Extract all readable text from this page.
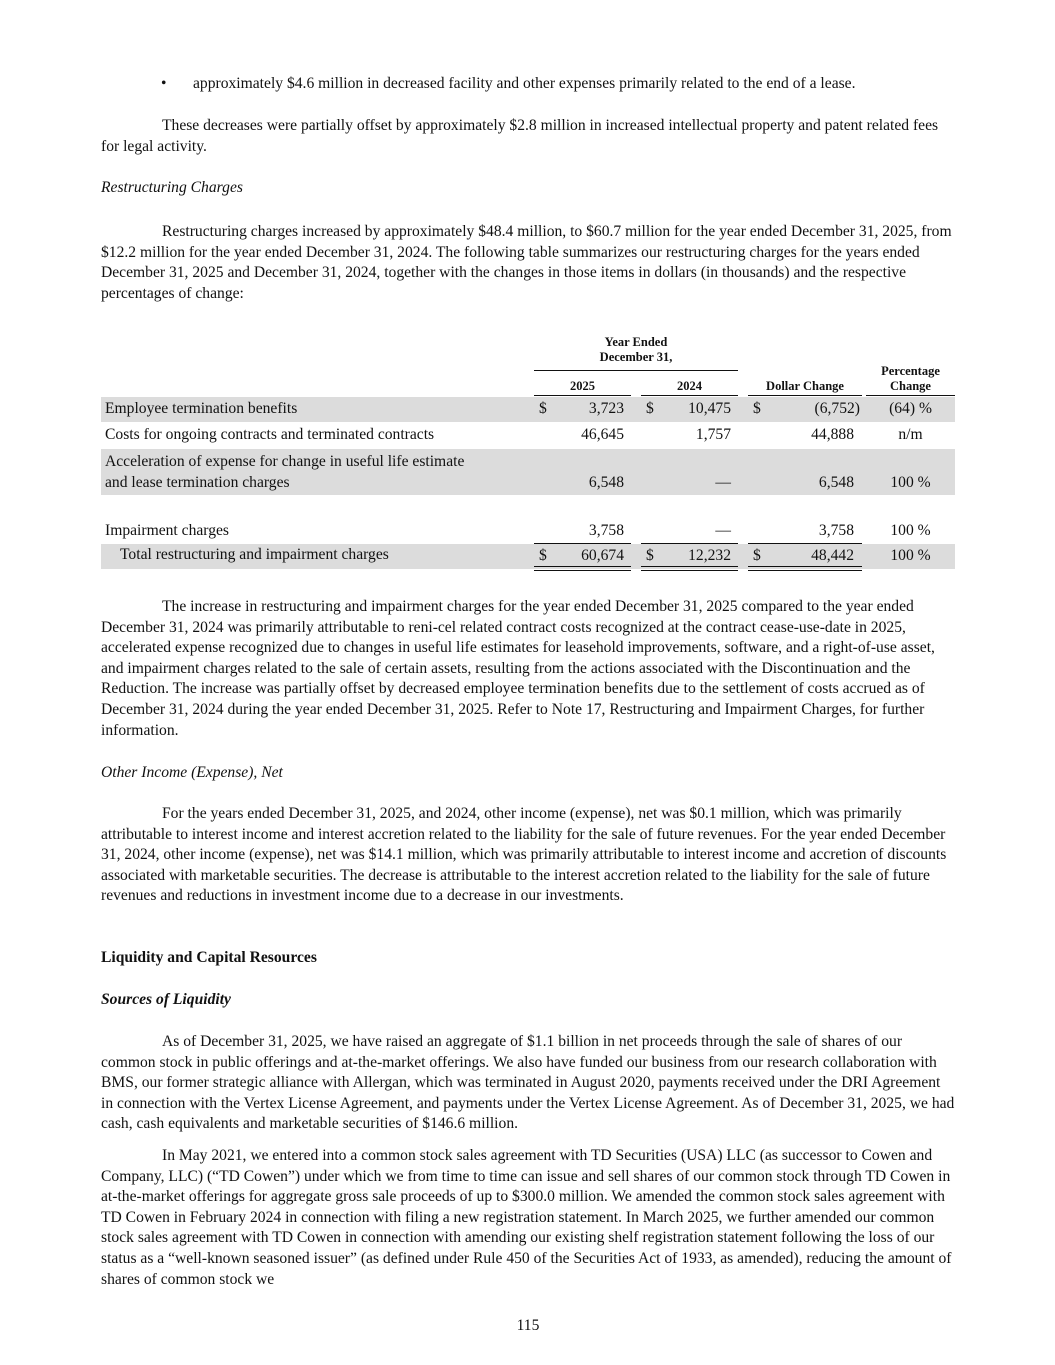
• approximately $4.6 million in decreased facility and other expenses primarily related to the end of a lease.

These decreases were partially offset by approximately $2.8 million in increased intellectual property and patent related fees for legal activity.

Restructuring Charges

Restructuring charges increased by approximately $48.4 million, to $60.7 million for the year ended December 31, 2025, from $12.2 million for the year ended December 31, 2024. The following table summarizes our restructuring charges for the years ended December 31, 2025 and December 31, 2024, together with the changes in those items in dollars (in thousands) and the respective percentages of change:

Year Ended
December 31,
2025	2024	Dollar Change
Percentage
Change
Employee termination benefits	$	3,723 $	10,475 $	(6,752)	(64) %
Costs for ongoing contracts and terminated contracts	46,645	1,757	44,888	n/m
Acceleration of expense for change in useful life estimate
and lease termination charges	6,548	—	6,548	100 %
Impairment charges	3,758	—	3,758	100 %
Total restructuring and impairment charges	$	60,674 $	12,232 $	48,442	100 %

The increase in restructuring and impairment charges for the year ended December 31, 2025 compared to the year ended December 31, 2024 was primarily attributable to reni-cel related contract costs recognized at the contract cease-use-date in 2025, accelerated expense recognized due to changes in useful life estimates for leasehold improvements, software, and a right-of-use asset, and impairment charges related to the sale of certain assets, resulting from the actions associated with the Discontinuation and the Reduction. The increase was partially offset by decreased employee termination benefits due to the settlement of costs accrued as of December 31, 2024 during the year ended December 31, 2025. Refer to Note 17, Restructuring and Impairment Charges, for further information.

Other Income (Expense), Net

For the years ended December 31, 2025, and 2024, other income (expense), net was $0.1 million, which was primarily attributable to interest income and interest accretion related to the liability for the sale of future revenues. For the year ended December 31, 2024, other income (expense), net was $14.1 million, which was primarily attributable to interest income and accretion of discounts associated with marketable securities. The decrease is attributable to the interest accretion related to the liability for the sale of future revenues and reductions in investment income due to a decrease in our investments.

Liquidity and Capital Resources

Sources of Liquidity

As of December 31, 2025, we have raised an aggregate of $1.1 billion in net proceeds through the sale of shares of our common stock in public offerings and at-the-market offerings. We also have funded our business from our research collaboration with BMS, our former strategic alliance with Allergan, which was terminated in August 2020, payments received under the DRI Agreement in connection with the Vertex License Agreement, and payments under the Vertex License Agreement. As of December 31, 2025, we had cash, cash equivalents and marketable securities of $146.6 million.

In May 2021, we entered into a common stock sales agreement with TD Securities (USA) LLC (as successor to Cowen and Company, LLC) (“TD Cowen”) under which we from time to time can issue and sell shares of our common stock through TD Cowen in at-the-market offerings for aggregate gross sale proceeds of up to $300.0 million. We amended the common stock sales agreement with TD Cowen in February 2024 in connection with filing a new registration statement. In March 2025, we further amended our common stock sales agreement with TD Cowen in connection with amending our existing shelf registration statement following the loss of our status as a “well-known seasoned issuer” (as defined under Rule 450 of the Securities Act of 1933, as amended), reducing the amount of shares of common stock we

115
